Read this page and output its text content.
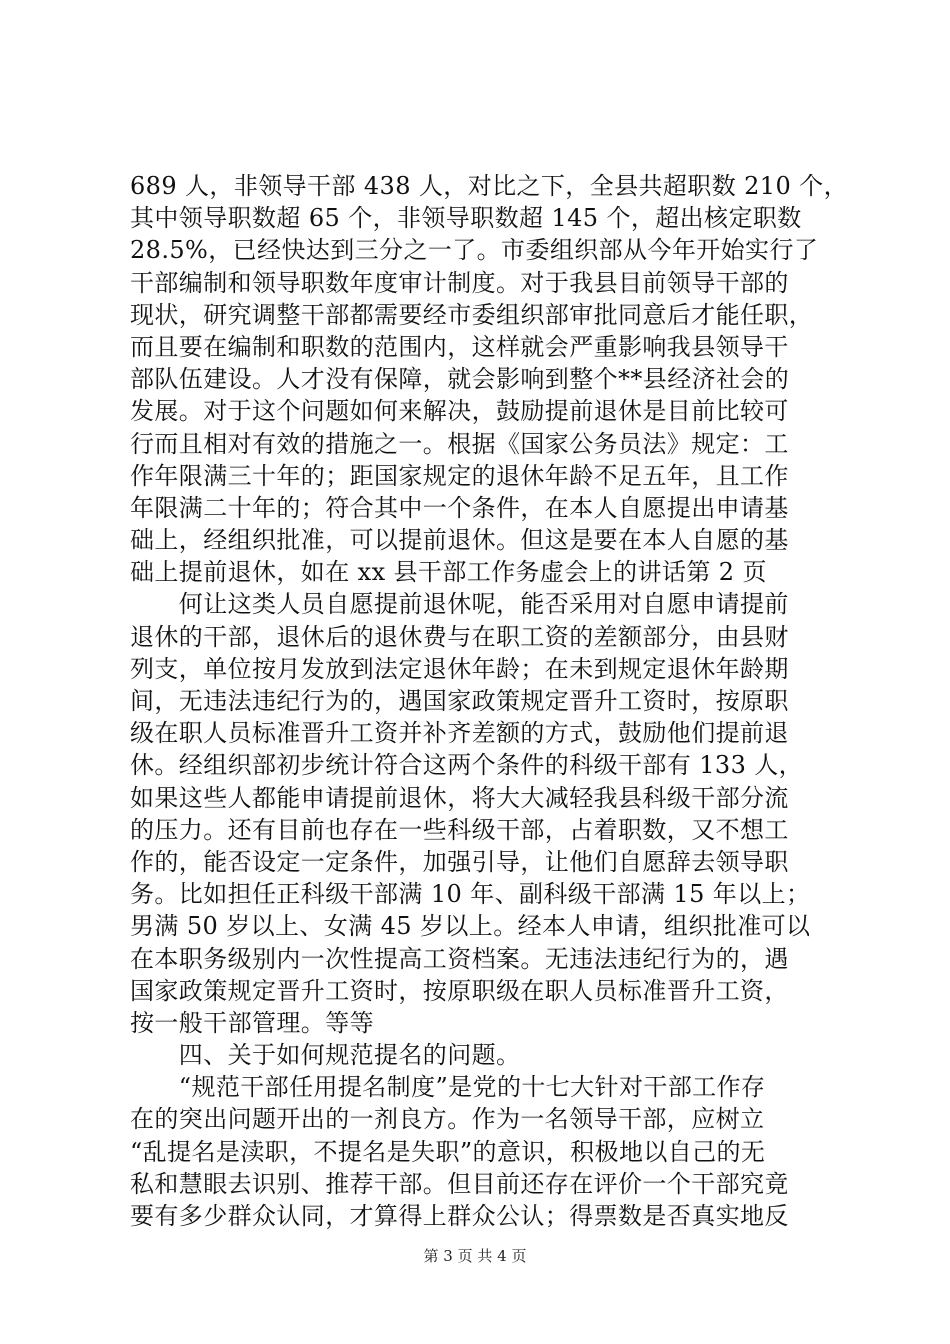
689 人，非领导干部 438 人，对比之下，全县共超职数 210 个，
其中领导职数超 65 个，非领导职数超 145 个，超出核定职数
28.5%，已经快达到三分之一了。市委组织部从今年开始实行了
干部编制和领导职数年度审计制度。对于我县目前领导干部的
现状，研究调整干部都需要经市委组织部审批同意后才能任职，
而且要在编制和职数的范围内，这样就会严重影响我县领导干
部队伍建设。人才没有保障，就会影响到整个**县经济社会的
发展。对于这个问题如何来解决，鼓励提前退休是目前比较可
行而且相对有效的措施之一。根据《国家公务员法》规定：工
作年限满三十年的；距国家规定的退休年龄不足五年，且工作
年限满二十年的；符合其中一个条件，在本人自愿提出申请基
础上，经组织批准，可以提前退休。但这是要在本人自愿的基
础上提前退休，如在 xx 县干部工作务虚会上的讲话第 2 页
　　何让这类人员自愿提前退休呢，能否采用对自愿申请提前
退休的干部，退休后的退休费与在职工资的差额部分，由县财
列支，单位按月发放到法定退休年龄；在未到规定退休年龄期
间，无违法违纪行为的，遇国家政策规定晋升工资时，按原职
级在职人员标准晋升工资并补齐差额的方式，鼓励他们提前退
休。经组织部初步统计符合这两个条件的科级干部有 133 人，
如果这些人都能申请提前退休，将大大减轻我县科级干部分流
的压力。还有目前也存在一些科级干部，占着职数，又不想工
作的，能否设定一定条件，加强引导，让他们自愿辞去领导职
务。比如担任正科级干部满 10 年、副科级干部满 15 年以上；
男满 50 岁以上、女满 45 岁以上。经本人申请，组织批准可以
在本职务级别内一次性提高工资档案。无违法违纪行为的，遇
国家政策规定晋升工资时，按原职级在职人员标准晋升工资，
按一般干部管理。等等
　　四、关于如何规范提名的问题。
　　“规范干部任用提名制度”是党的十七大针对干部工作存
在的突出问题开出的一剂良方。作为一名领导干部，应树立
“乱提名是渎职，不提名是失职”的意识，积极地以自己的无
私和慧眼去识别、推荐干部。但目前还存在评价一个干部究竟
要有多少群众认同，才算得上群众公认；得票数是否真实地反
第 3 页 共 4 页
